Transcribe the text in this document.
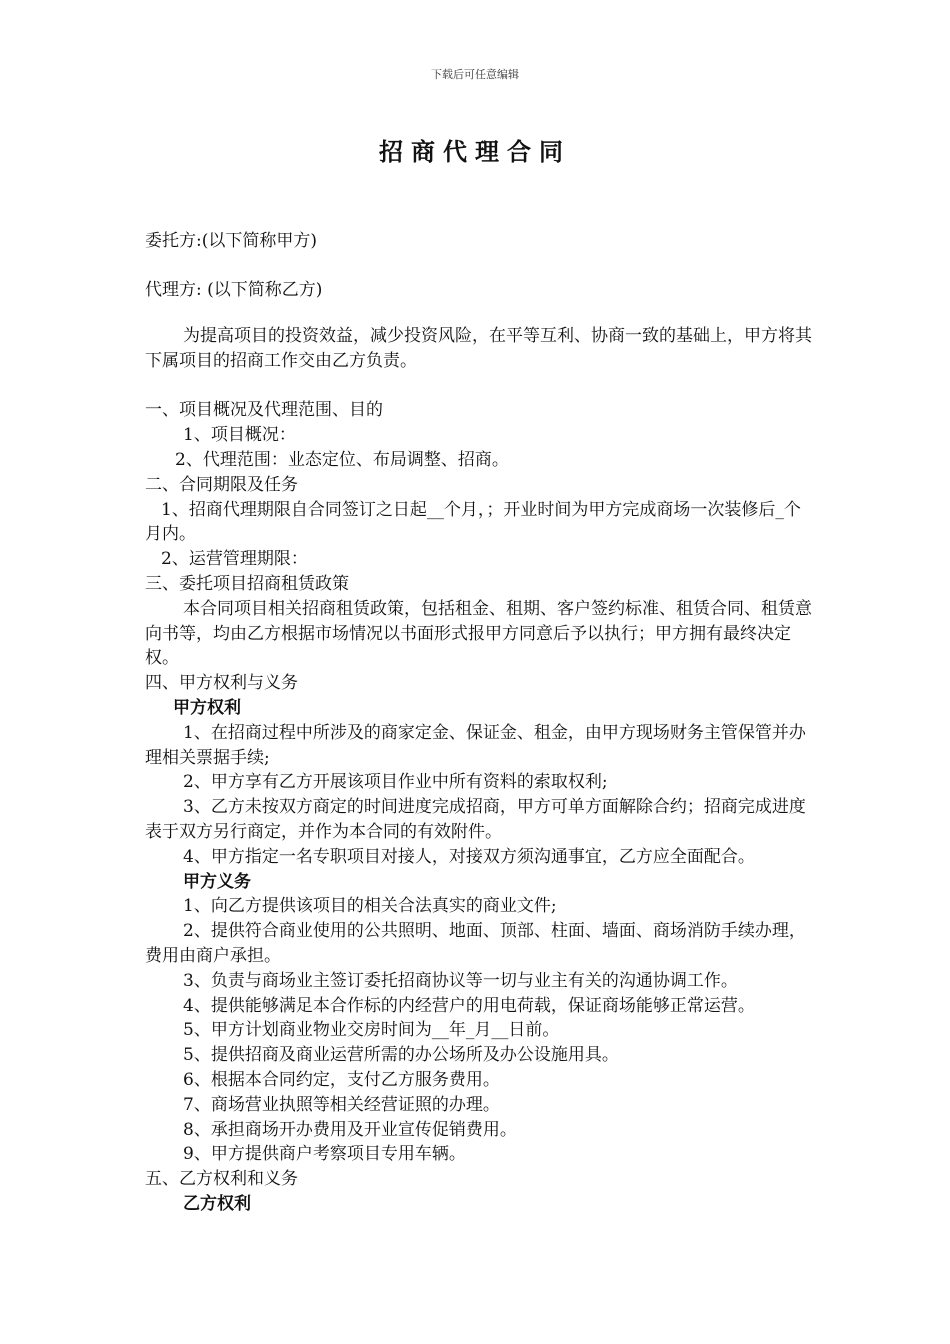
下载后可任意编辑
招商代理合同
委托方:(以下简称甲方)
代理方: (以下简称乙方)

为提高项目的投资效益，减少投资风险，在平等互利、协商一致的基础上，甲方将其下属项目的招商工作交由乙方负责。

一、项目概况及代理范围、目的

1、项目概况：

2、代理范围：业态定位、布局调整、招商。

二、合同期限及任务

1、招商代理期限自合同签订之日起__个月，；开业时间为甲方完成商场一次装修后_个月内。

2、运营管理期限：

三、委托项目招商租赁政策

本合同项目相关招商租赁政策，包括租金、租期、客户签约标准、租赁合同、租赁意向书等，均由乙方根据市场情况以书面形式报甲方同意后予以执行；甲方拥有最终决定权。

四、甲方权利与义务

甲方权利

1、在招商过程中所涉及的商家定金、保证金、租金，由甲方现场财务主管保管并办理相关票据手续;

2、甲方享有乙方开展该项目作业中所有资料的索取权利;

3、乙方未按双方商定的时间进度完成招商，甲方可单方面解除合约；招商完成进度表于双方另行商定，并作为本合同的有效附件。

4、甲方指定一名专职项目对接人，对接双方须沟通事宜，乙方应全面配合。

甲方义务

1、向乙方提供该项目的相关合法真实的商业文件;

2、提供符合商业使用的公共照明、地面、顶部、柱面、墙面、商场消防手续办理，费用由商户承担。

3、负责与商场业主签订委托招商协议等一切与业主有关的沟通协调工作。

4、提供能够满足本合作标的内经营户的用电荷载，保证商场能够正常运营。

5、甲方计划商业物业交房时间为__年_月__日前。

5、提供招商及商业运营所需的办公场所及办公设施用具。

6、根据本合同约定，支付乙方服务费用。

7、商场营业执照等相关经营证照的办理。

8、承担商场开办费用及开业宣传促销费用。

9、甲方提供商户考察项目专用车辆。

五、乙方权利和义务

乙方权利
